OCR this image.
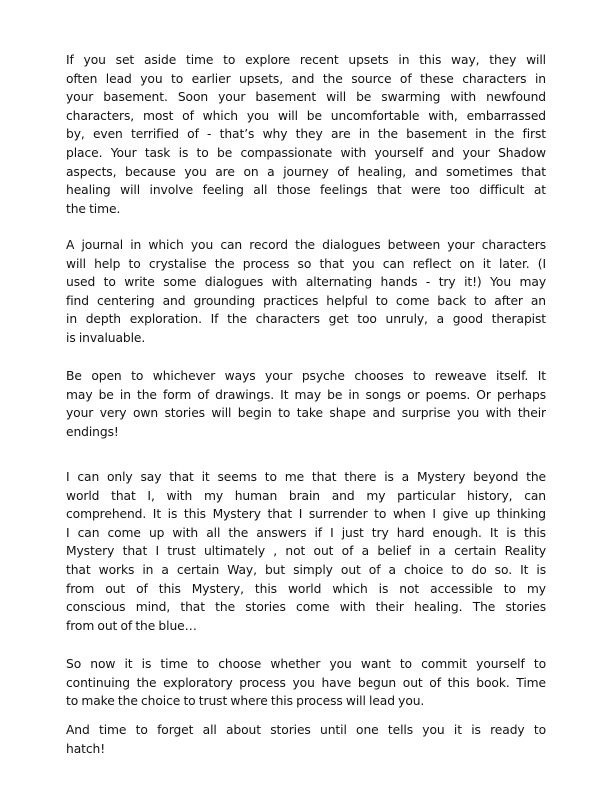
If you set aside time to explore recent upsets in this way, they will
often lead you to earlier upsets, and the source of these characters in
your basement. Soon your basement will be swarming with newfound
characters, most of which you will be uncomfortable with, embarrassed
by, even terrified of - that’s why they are in the basement in the first
place. Your task is to be compassionate with yourself and your Shadow
aspects, because you are on a journey of healing, and sometimes that
healing will involve feeling all those feelings that were too difficult at
the time.
A journal in which you can record the dialogues between your characters
will help to crystalise the process so that you can reflect on it later. (I
used to write some dialogues with alternating hands - try it!) You may
find centering and grounding practices helpful to come back to after an
in depth exploration. If the characters get too unruly, a good therapist
is invaluable.
Be open to whichever ways your psyche chooses to reweave itself. It
may be in the form of drawings. It may be in songs or poems. Or perhaps
your very own stories will begin to take shape and surprise you with their
endings!
I can only say that it seems to me that there is a Mystery beyond the
world that I, with my human brain and my particular history, can
comprehend. It is this Mystery that I surrender to when I give up thinking
I can come up with all the answers if I just try hard enough. It is this
Mystery that I trust ultimately , not out of a belief in a certain Reality
that works in a certain Way, but simply out of a choice to do so. It is
from out of this Mystery, this world which is not accessible to my
conscious mind, that the stories come with their healing. The stories
from out of the blue…
So now it is time to choose whether you want to commit yourself to
continuing the exploratory process you have begun out of this book. Time
to make the choice to trust where this process will lead you.
And time to forget all about stories until one tells you it is ready to
hatch!
